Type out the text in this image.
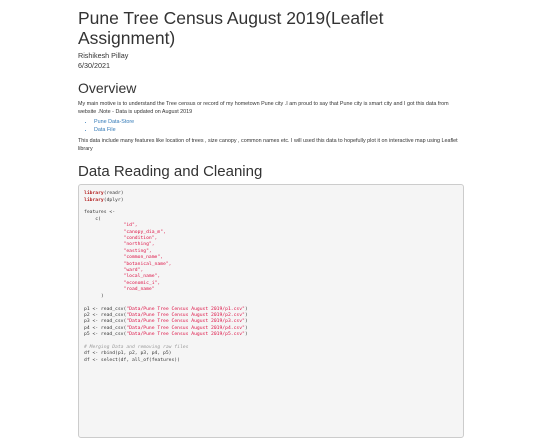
Pune Tree Census August 2019(Leaflet Assignment)
Rishikesh Pillay
6/30/2021
Overview

My main motive is to understand the Tree census or record of my hometown Pune city .I am proud to say that Pune city is smart city and I got this data from website .Note - Data is updated on August 2019

• Pune Data-Store
• Data File

This data include many features like location of trees , size canopy , common names etc. I will used this data to hopefully plot it on interactive map using Leaflet library

Data Reading and Cleaning
library(readr)
library(dplyr)

features <-
c(
"id",
"canopy_dia_m",
"condition",
"northing",
"easting",
"common_name",
"botanical_name",
"ward",
"local_name",
"economic_i",
"road_name"
)

p1 <- read_csv("Data/Pune Tree Census August 2019/p1.csv")
p2 <- read_csv("Data/Pune Tree Census August 2019/p2.csv")
p3 <- read_csv("Data/Pune Tree Census August 2019/p3.csv")
p4 <- read_csv("Data/Pune Tree Census August 2019/p4.csv")
p5 <- read_csv("Data/Pune Tree Census August 2019/p5.csv")

# Merging Data and removing raw files
df <- rbind(p1, p2, p3, p4, p5)
df <- select(df, all_of(features))
